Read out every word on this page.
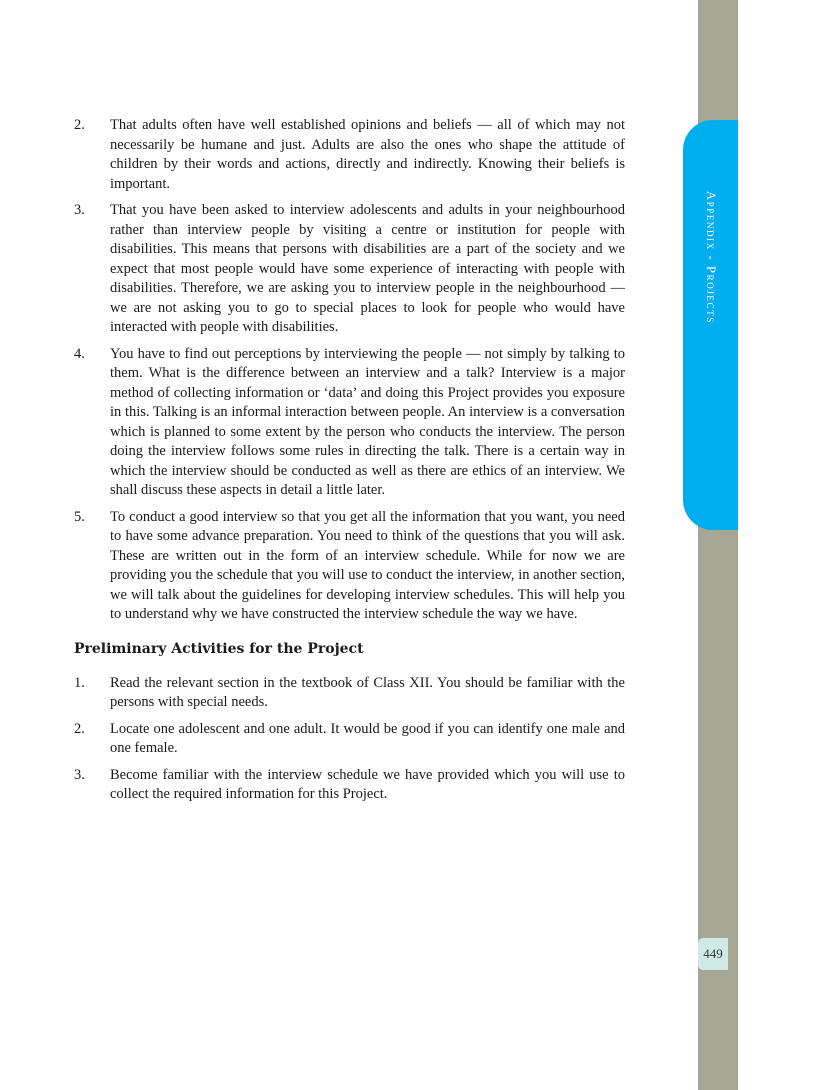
Appendix - Projects
449
2. That adults often have well established opinions and beliefs — all of which may not necessarily be humane and just. Adults are also the ones who shape the attitude of children by their words and actions, directly and indirectly. Knowing their beliefs is important.
3. That you have been asked to interview adolescents and adults in your neighbourhood rather than interview people by visiting a centre or institution for people with disabilities. This means that persons with disabilities are a part of the society and we expect that most people would have some experience of interacting with people with disabilities. Therefore, we are asking you to interview people in the neighbourhood — we are not asking you to go to special places to look for people who would have interacted with people with disabilities.
4. You have to find out perceptions by interviewing the people — not simply by talking to them. What is the difference between an interview and a talk? Interview is a major method of collecting information or ‘data’ and doing this Project provides you exposure in this. Talking is an informal interaction between people. An interview is a conversation which is planned to some extent by the person who conducts the interview. The person doing the interview follows some rules in directing the talk. There is a certain way in which the interview should be conducted as well as there are ethics of an interview. We shall discuss these aspects in detail a little later.
5. To conduct a good interview so that you get all the information that you want, you need to have some advance preparation. You need to think of the questions that you will ask. These are written out in the form of an interview schedule. While for now we are providing you the schedule that you will use to conduct the interview, in another section, we will talk about the guidelines for developing interview schedules. This will help you to understand why we have constructed the interview schedule the way we have.
Preliminary Activities for the Project
1. Read the relevant section in the textbook of Class XII. You should be familiar with the persons with special needs.
2. Locate one adolescent and one adult. It would be good if you can identify one male and one female.
3. Become familiar with the interview schedule we have provided which you will use to collect the required information for this Project.
